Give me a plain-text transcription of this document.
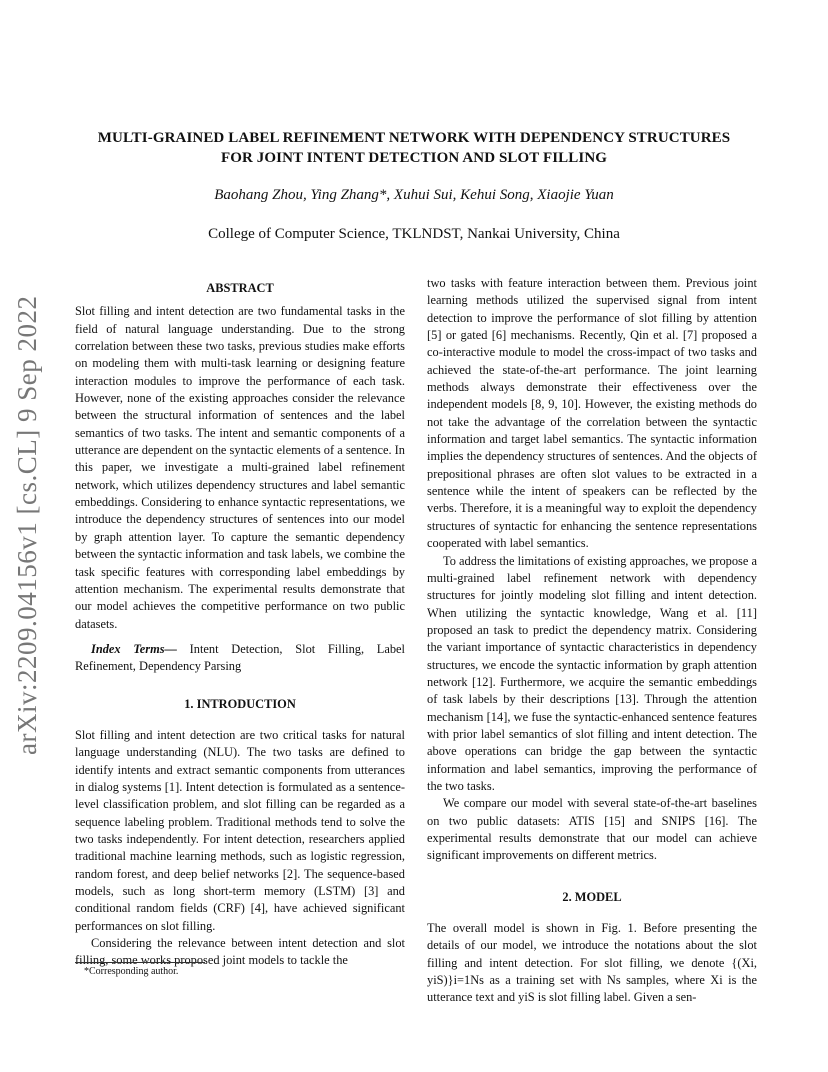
arXiv:2209.04156v1 [cs.CL] 9 Sep 2022
MULTI-GRAINED LABEL REFINEMENT NETWORK WITH DEPENDENCY STRUCTURES
FOR JOINT INTENT DETECTION AND SLOT FILLING
Baohang Zhou, Ying Zhang*, Xuhui Sui, Kehui Song, Xiaojie Yuan
College of Computer Science, TKLNDST, Nankai University, China
ABSTRACT

Slot filling and intent detection are two fundamental tasks in the field of natural language understanding. Due to the strong correlation between these two tasks, previous studies make efforts on modeling them with multi-task learning or designing feature interaction modules to improve the performance of each task. However, none of the existing approaches consider the relevance between the structural information of sentences and the label semantics of two tasks. The intent and semantic components of a utterance are dependent on the syntactic elements of a sentence. In this paper, we investigate a multi-grained label refinement network, which utilizes dependency structures and label semantic embeddings. Considering to enhance syntactic representations, we introduce the dependency structures of sentences into our model by graph attention layer. To capture the semantic dependency between the syntactic information and task labels, we combine the task specific features with corresponding label embeddings by attention mechanism. The experimental results demonstrate that our model achieves the competitive performance on two public datasets.

Index Terms— Intent Detection, Slot Filling, Label Refinement, Dependency Parsing

1. INTRODUCTION

Slot filling and intent detection are two critical tasks for natural language understanding (NLU). The two tasks are defined to identify intents and extract semantic components from utterances in dialog systems [1]. Intent detection is formulated as a sentence-level classification problem, and slot filling can be regarded as a sequence labeling problem. Traditional methods tend to solve the two tasks independently. For intent detection, researchers applied traditional machine learning methods, such as logistic regression, random forest, and deep belief networks [2]. The sequence-based models, such as long short-term memory (LSTM) [3] and conditional random fields (CRF) [4], have achieved significant performances on slot filling.

Considering the relevance between intent detection and slot filling, some works proposed joint models to tackle the

*Corresponding author.

two tasks with feature interaction between them. Previous joint learning methods utilized the supervised signal from intent detection to improve the performance of slot filling by attention [5] or gated [6] mechanisms. Recently, Qin et al. [7] proposed a co-interactive module to model the cross-impact of two tasks and achieved the state-of-the-art performance. The joint learning methods always demonstrate their effectiveness over the independent models [8, 9, 10]. However, the existing methods do not take the advantage of the correlation between the syntactic information and target label semantics. The syntactic information implies the dependency structures of sentences. And the objects of prepositional phrases are often slot values to be extracted in a sentence while the intent of speakers can be reflected by the verbs. Therefore, it is a meaningful way to exploit the dependency structures of syntactic for enhancing the sentence representations cooperated with label semantics.

To address the limitations of existing approaches, we propose a multi-grained label refinement network with dependency structures for jointly modeling slot filling and intent detection. When utilizing the syntactic knowledge, Wang et al. [11] proposed an task to predict the dependency matrix. Considering the variant importance of syntactic characteristics in dependency structures, we encode the syntactic information by graph attention network [12]. Furthermore, we acquire the semantic embeddings of task labels by their descriptions [13]. Through the attention mechanism [14], we fuse the syntactic-enhanced sentence features with prior label semantics of slot filling and intent detection. The above operations can bridge the gap between the syntactic information and label semantics, improving the performance of the two tasks.

We compare our model with several state-of-the-art baselines on two public datasets: ATIS [15] and SNIPS [16]. The experimental results demonstrate that our model can achieve significant improvements on different metrics.

2. MODEL

The overall model is shown in Fig. 1. Before presenting the details of our model, we introduce the notations about the slot filling and intent detection. For slot filling, we denote {(Xi, yiS)}i=1Ns as a training set with Ns samples, where Xi is the utterance text and yiS is slot filling label. Given a sen-
